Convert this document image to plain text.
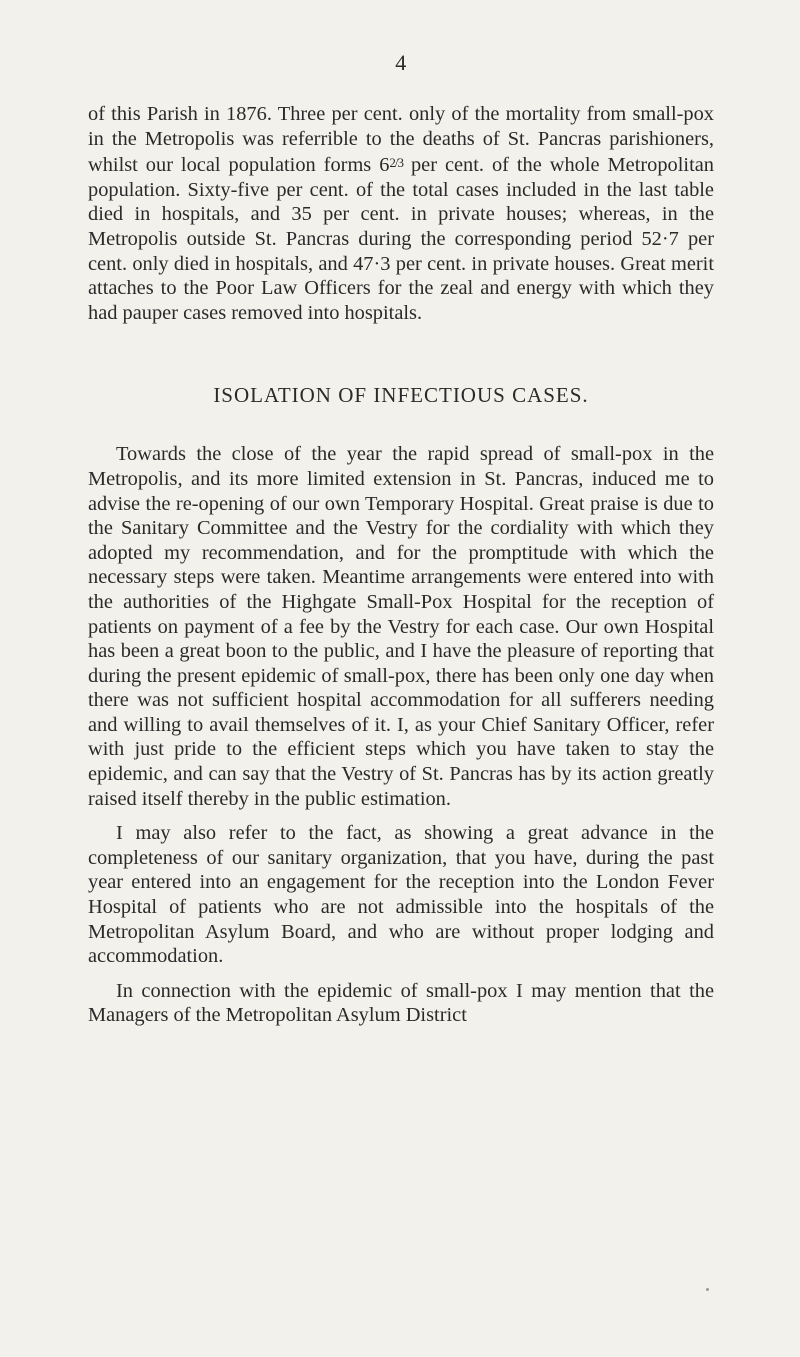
4

of this Parish in 1876. Three per cent. only of the mortality from small-pox in the Metropolis was referrible to the deaths of St. Pancras parishioners, whilst our local population forms 62/3 per cent. of the whole Metropolitan population. Sixty-five per cent. of the total cases included in the last table died in hospitals, and 35 per cent. in private houses; whereas, in the Metropolis outside St. Pancras during the corresponding period 52·7 per cent. only died in hospitals, and 47·3 per cent. in private houses. Great merit attaches to the Poor Law Officers for the zeal and energy with which they had pauper cases removed into hospitals.

ISOLATION OF INFECTIOUS CASES.

Towards the close of the year the rapid spread of small-pox in the Metropolis, and its more limited extension in St. Pancras, induced me to advise the re-opening of our own Temporary Hospital. Great praise is due to the Sanitary Committee and the Vestry for the cordiality with which they adopted my recommendation, and for the promptitude with which the necessary steps were taken. Meantime arrangements were entered into with the authorities of the Highgate Small-Pox Hospital for the reception of patients on payment of a fee by the Vestry for each case. Our own Hospital has been a great boon to the public, and I have the pleasure of reporting that during the present epidemic of small-pox, there has been only one day when there was not sufficient hospital accommodation for all sufferers needing and willing to avail themselves of it. I, as your Chief Sanitary Officer, refer with just pride to the efficient steps which you have taken to stay the epidemic, and can say that the Vestry of St. Pancras has by its action greatly raised itself thereby in the public estimation.

I may also refer to the fact, as showing a great advance in the completeness of our sanitary organization, that you have, during the past year entered into an engagement for the reception into the London Fever Hospital of patients who are not admissible into the hospitals of the Metropolitan Asylum Board, and who are without proper lodging and accommodation.

In connection with the epidemic of small-pox I may mention that the Managers of the Metropolitan Asylum District
